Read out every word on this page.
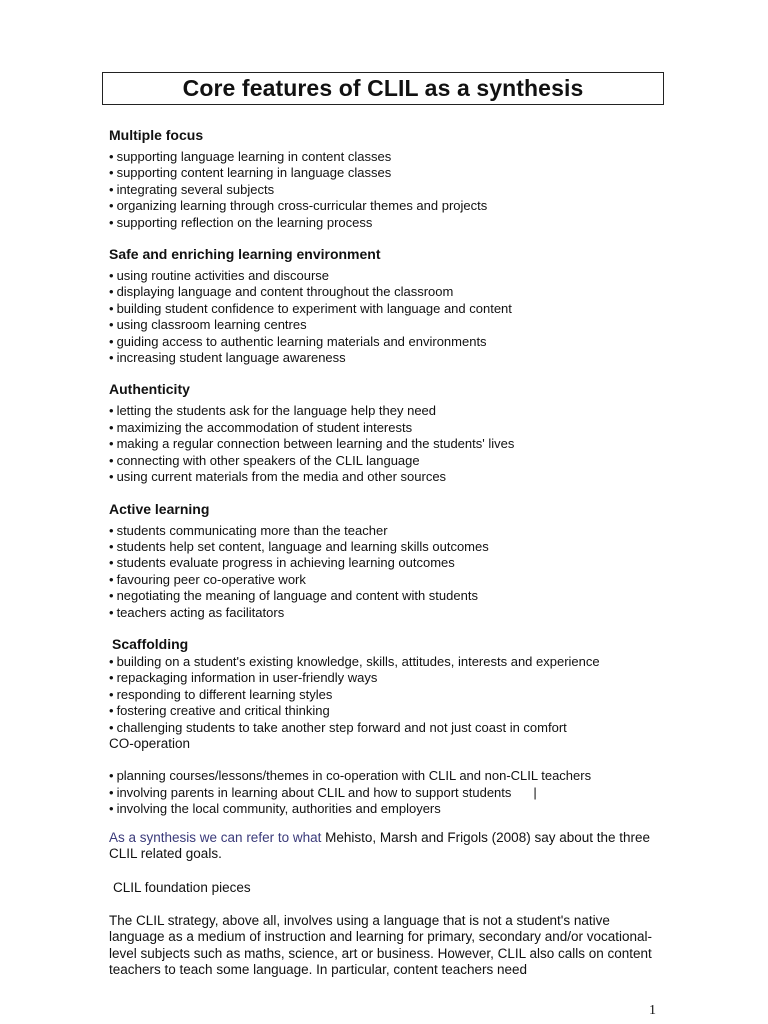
Core features of CLIL as a synthesis
Multiple focus
• supporting language learning in content classes
• supporting content learning in language classes
• integrating several subjects
• organizing learning through cross-curricular themes and projects
• supporting reflection on the learning process
Safe and enriching learning environment
• using routine activities and discourse
• displaying language and content throughout the classroom
• building student confidence to experiment with language and content
• using classroom learning centres
• guiding access to authentic learning materials and environments
• increasing student language awareness
Authenticity
• letting the students ask for the language help they need
• maximizing the accommodation of student interests
• making a regular connection between learning and the students' lives
• connecting with other speakers of the CLIL language
• using current materials from the media and other sources
Active learning
• students communicating more than the teacher
• students help set content, language and learning skills outcomes
• students evaluate progress in achieving learning outcomes
• favouring peer co-operative work
• negotiating the meaning of language and content with students
• teachers acting as facilitators
Scaffolding
• building on a student's existing knowledge, skills, attitudes, interests and experience
• repackaging information in user-friendly ways
• responding to different learning styles
• fostering creative and critical thinking
• challenging students to take another step forward and not just coast in comfort
CO-operation
• planning courses/lessons/themes in co-operation with CLIL and non-CLIL teachers
• involving parents in learning about CLIL and how to support students |
• involving the local community, authorities and employers
As a synthesis we can refer to what Mehisto, Marsh and Frigols (2008) say about the three CLIL related goals.
CLIL foundation pieces
The CLIL strategy, above all, involves using a language that is not a student's native language as a medium of instruction and learning for primary, secondary and/or vocational-level subjects such as maths, science, art or business. However, CLIL also calls on content teachers to teach some language. In particular, content teachers need
1
